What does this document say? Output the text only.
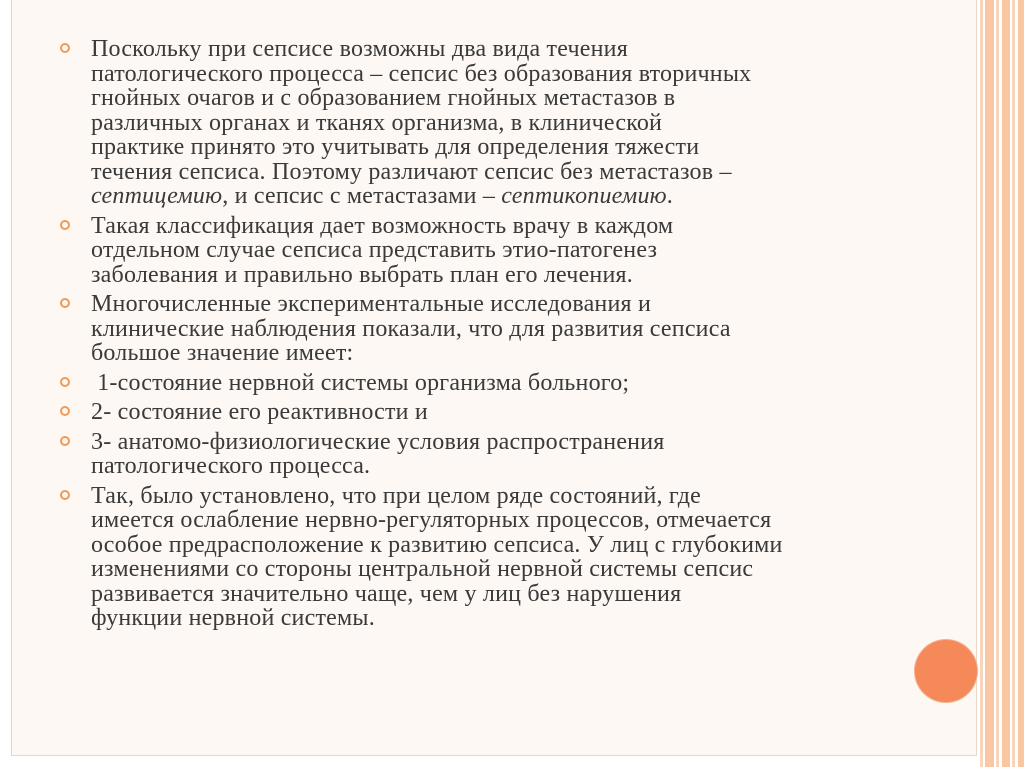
Поскольку при сепсисе возможны два вида течения
патологического процесса – сепсис без образования вторичных
гнойных очагов и с образованием гнойных метастазов в
различных органах и тканях организма, в клинической
практике принято это учитывать для определения тяжести
течения сепсиса. Поэтому различают сепсис без метастазов –
септицемию, и сепсис с метастазами – септикопиемию.
Такая классификация дает возможность врачу в каждом
отдельном случае сепсиса представить этио-патогенез
заболевания и правильно выбрать план его лечения.
Многочисленные экспериментальные исследования и
клинические наблюдения показали, что для развития сепсиса
большое значение имеет:
1-состояние нервной системы организма больного;
2- состояние его реактивности и
3- анатомо-физиологические условия распространения
патологического процесса.
Так, было установлено, что при целом ряде состояний, где
имеется ослабление нервно-регуляторных процессов, отмечается
особое предрасположение к развитию сепсиса. У лиц с глубокими
изменениями со стороны центральной нервной системы сепсис
развивается значительно чаще, чем у лиц без нарушения
функции нервной системы.
